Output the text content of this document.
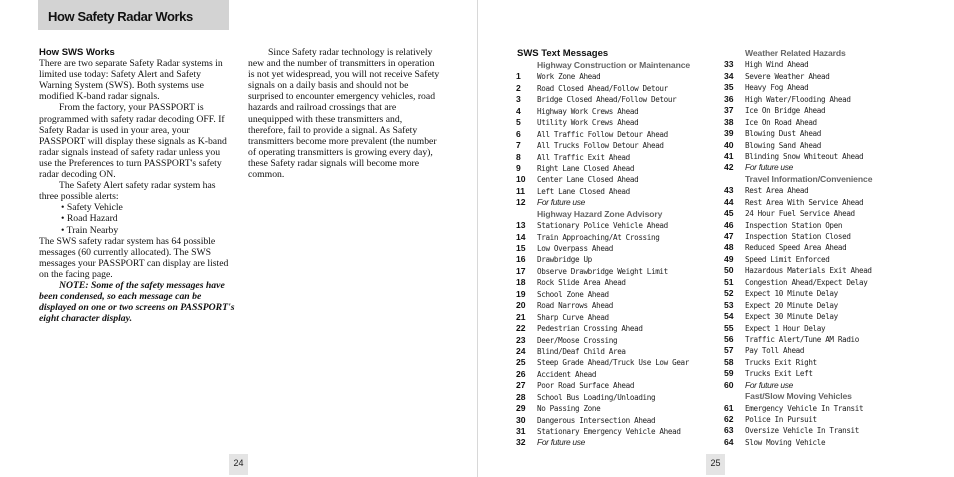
How Safety Radar Works

How SWS Works

There are two separate Safety Radar systems in limited use today: Safety Alert and Safety Warning System (SWS). Both systems use modified K-band radar signals.

From the factory, your PASSPORT is programmed with safety radar decoding OFF. If Safety Radar is used in your area, your PASSPORT will display these signals as K-band radar signals instead of safety radar unless you use the Preferences to turn PASSPORT's safety radar decoding ON.

The Safety Alert safety radar system has three possible alerts:

• Safety Vehicle

• Road Hazard

• Train Nearby

The SWS safety radar system has 64 possible messages (60 currently allocated). The SWS messages your PASSPORT can display are listed on the facing page.

NOTE: Some of the safety messages have been condensed, so each message can be displayed on one or two screens on PASSPORT's eight character display.

Since Safety radar technology is relatively new and the number of transmitters in operation is not yet widespread, you will not receive Safety signals on a daily basis and should not be surprised to encounter emergency vehicles, road hazards and railroad crossings that are unequipped with these transmitters and, therefore, fail to provide a signal. As Safety transmitters become more prevalent (the number of operating transmitters is growing every day), these Safety radar signals will become more common.

24	25
SWS Text Messages
Highway Construction or Maintenance
1	Work Zone Ahead
2	Road Closed Ahead/Follow Detour
3	Bridge Closed Ahead/Follow Detour
4	Highway Work Crews Ahead
5	Utility Work Crews Ahead
6	All Traffic Follow Detour Ahead
7	All Trucks Follow Detour Ahead
8	All Traffic Exit Ahead
9	Right Lane Closed Ahead
10	Center Lane Closed Ahead
11	Left Lane Closed Ahead
12	For future use
Highway Hazard Zone Advisory
13	Stationary Police Vehicle Ahead
14	Train Approaching/At Crossing
15	Low Overpass Ahead
16	Drawbridge Up
17	Observe Drawbridge Weight Limit
18	Rock Slide Area Ahead
19	School Zone Ahead
20	Road Narrows Ahead
21	Sharp Curve Ahead
22	Pedestrian Crossing Ahead
23	Deer/Moose Crossing
24	Blind/Deaf Child Area
25	Steep Grade Ahead/Truck Use Low Gear
26	Accident Ahead
27	Poor Road Surface Ahead
28	School Bus Loading/Unloading
29	No Passing Zone
30	Dangerous Intersection Ahead
31	Stationary Emergency Vehicle Ahead
32	For future use
Weather Related Hazards
33	High Wind Ahead
34	Severe Weather Ahead
35	Heavy Fog Ahead
36	High Water/Flooding Ahead
37	Ice On Bridge Ahead
38	Ice On Road Ahead
39	Blowing Dust Ahead
40	Blowing Sand Ahead
41	Blinding Snow Whiteout Ahead
42	For future use
Travel Information/Convenience
43	Rest Area Ahead
44	Rest Area With Service Ahead
45	24 Hour Fuel Service Ahead
46	Inspection Station Open
47	Inspection Station Closed
48	Reduced Speed Area Ahead
49	Speed Limit Enforced
50	Hazardous Materials Exit Ahead
51	Congestion Ahead/Expect Delay
52	Expect 10 Minute Delay
53	Expect 20 Minute Delay
54	Expect 30 Minute Delay
55	Expect 1 Hour Delay
56	Traffic Alert/Tune AM Radio
57	Pay Toll Ahead
58	Trucks Exit Right
59	Trucks Exit Left
60	For future use
Fast/Slow Moving Vehicles
61	Emergency Vehicle In Transit
62	Police In Pursuit
63	Oversize Vehicle In Transit
64	Slow Moving Vehicle
